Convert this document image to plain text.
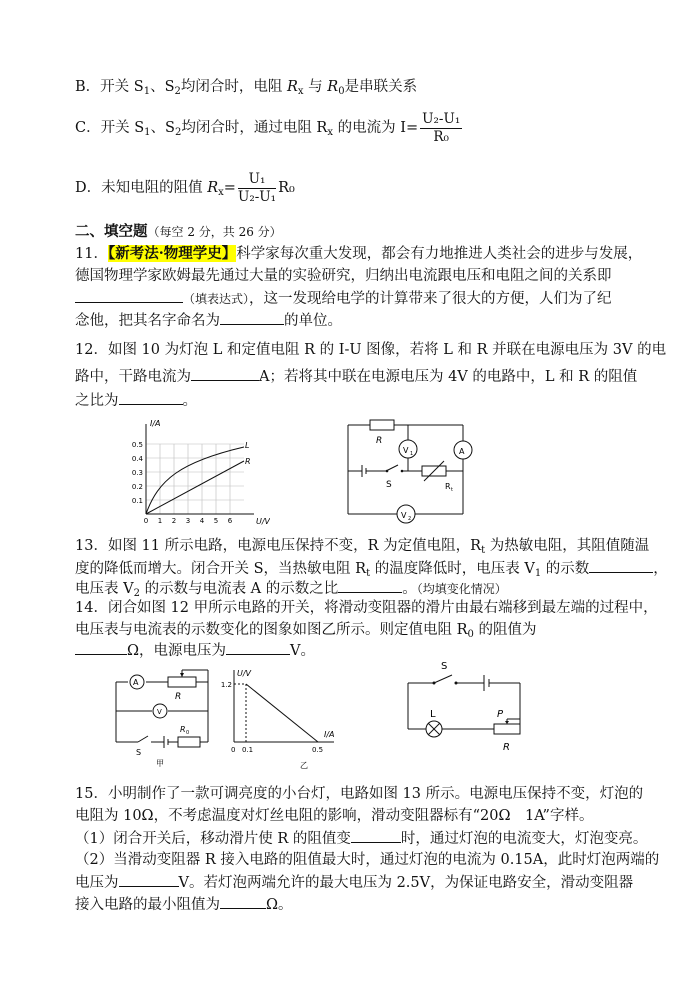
B．开关 $S_1$、$S_2$均闭合时，电阻 $R_x$ 与 $R_0$是串联关系
C．开关 $S_1$、$S_2$均闭合时，通过电阻 $R_x$ 的电流为 $I= \frac{\text{U₂-U₁}}{\text{R₀}}$
D．未知电阻的阻值 $R_x= \frac{\text{U₁}}{\text{U₂-U₁}} R_0$
二、填空题（每空 2 分，共 26 分）
11．【新考法·物理学史】科学家每次重大发现，都会有力地推进人类社会的进步与发展，
德国物理学家欧姆最先通过大量的实验研究，归纳出电流跟电压和电阻之间的关系即
（填表达式），这一发现给电学的计算带来了很大的方便，人们为了纪
念他，把其名字命名为	的单位。
12．如图 10 为灯泡 L 和定值电阻 R 的 I-U 图像，若将 L 和 R 并联在电源电压为 3V 的电
路中，干路电流为	A；若将其中联在电源电压为 4V 的电路中，L 和 R 的阻值
之比为	。
I/A
U/V
L
R
0.1
0.2
0.3
0.4
0.5
0 1 2 3 4 5 6
R
V 1	A
S	R t
V 2
13．如图 11 所示电路，电源电压保持不变，R 为定值电阻，$R_t$ 为热敏电阻，其阻值随温
度的降低而增大。闭合开关 S，当热敏电阻 $R_t$ 的温度降低时，电压表 $V_1$ 的示数	，
电压表 $V_2$ 的示数与电流表 A 的示数之比	。（均填变化情况）
14．闭合如图 12 甲所示电路的开关，将滑动变阻器的滑片由最右端移到最左端的过程中，
电压表与电流表的示数变化的图象如图乙所示。则定值电阻 $R_0$ 的阻值为
Ω，电源电压为	V。
A
R
V
S
R 0
甲
U/V
I/A
1.2
0 0.1	0.5
乙
S
L	P
R
15．小明制作了一款可调亮度的小台灯，电路如图 13 所示。电源电压保持不变，灯泡的
电阻为 10Ω，不考虑温度对灯丝电阻的影响，滑动变阻器标有“20Ω　1A”字样。
（1）闭合开关后，移动滑片使 R 的阻值变	时，通过灯泡的电流变大，灯泡变亮。
（2）当滑动变阻器 R 接入电路的阻值最大时，通过灯泡的电流为 0.15A，此时灯泡两端的
电压为	V。若灯泡两端允许的最大电压为 2.5V，为保证电路安全，滑动变阻器
接入电路的最小阻值为	Ω。
